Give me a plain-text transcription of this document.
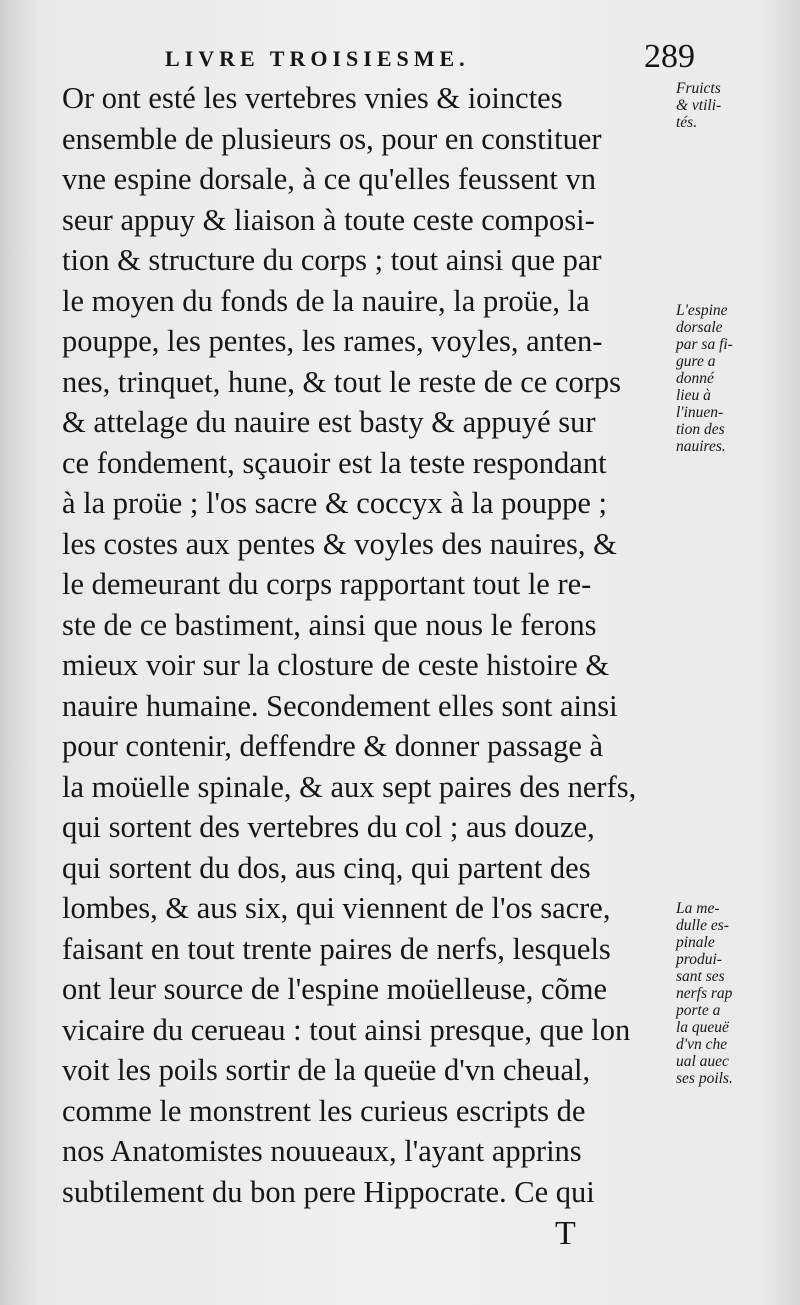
LIVRE TROISIESME.	289
Or ont esté les vertebres vnies & ioinctes
ensemble de plusieurs os, pour en constituer
vne espine dorsale, à ce qu'elles feussent vn
seur appuy & liaison à toute ceste composi-
tion & structure du corps ; tout ainsi que par
le moyen du fonds de la nauire, la proüe, la
pouppe, les pentes, les rames, voyles, anten-
nes, trinquet, hune, & tout le reste de ce corps
& attelage du nauire est basty & appuyé sur
ce fondement, sçauoir est la teste respondant
à la proüe ; l'os sacre & coccyx à la pouppe ;
les costes aux pentes & voyles des nauires, &
le demeurant du corps rapportant tout le re-
ste de ce bastiment, ainsi que nous le ferons
mieux voir sur la closture de ceste histoire &
nauire humaine. Secondement elles sont ainsi
pour contenir, deffendre & donner passage à
la moüelle spinale, & aux sept paires des nerfs,
qui sortent des vertebres du col ; aus douze,
qui sortent du dos, aus cinq, qui partent des
lombes, & aus six, qui viennent de l'os sacre,
faisant en tout trente paires de nerfs, lesquels
ont leur source de l'espine moüelleuse, cõme
vicaire du cerueau : tout ainsi presque, que lon
voit les poils sortir de la queüe d'vn cheual,
comme le monstrent les curieus escripts de
nos Anatomistes nouueaux, l'ayant apprins
subtilement du bon pere Hippocrate. Ce qui
Fruicts
& vtili-
tés.
L'espine
dorsale
par sa fi-
gure a
donné
lieu à
l'inuen-
tion des
nauires.
La me-
dulle es-
pinale
produi-
sant ses
nerfs rap
porte a
la queuë
d'vn che
ual auec
ses poils.
T
